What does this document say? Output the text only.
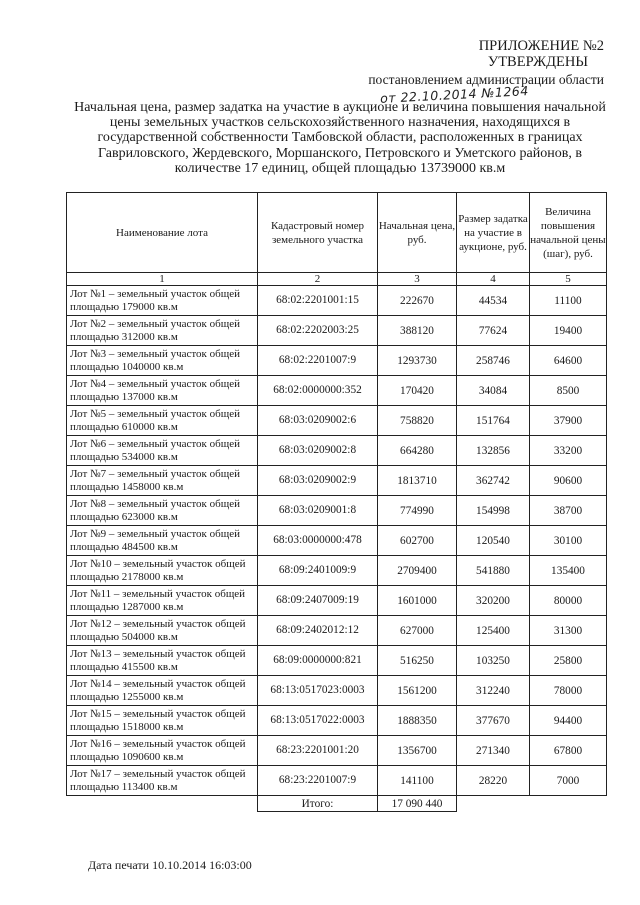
ПРИЛОЖЕНИЕ №2
УТВЕРЖДЕНЫ
постановлением администрации области
от 22.10.2014 №1264
Начальная цена, размер задатка на участие в аукционе и величина повышения начальной цены земельных участков сельскохозяйственного назначения, находящихся в государственной собственности Тамбовской области, расположенных в границах Гавриловского, Жердевского, Моршанского, Петровского и Уметского районов, в количестве 17 единиц, общей площадью 13739000 кв.м
Наименование лота	Кадастровый номер земельного участка	Начальная цена, руб.	Размер задатка на участие в аукционе, руб.	Величина повышения начальной цены (шаг), руб.
1	2	3	4	5
Лот №1 – земельный участок общей площадью 179000 кв.м	68:02:2201001:15	222670	44534	11100
Лот №2 – земельный участок общей площадью 312000 кв.м	68:02:2202003:25	388120	77624	19400
Лот №3 – земельный участок общей площадью 1040000 кв.м	68:02:2201007:9	1293730	258746	64600
Лот №4 – земельный участок общей площадью 137000 кв.м	68:02:0000000:352	170420	34084	8500
Лот №5 – земельный участок общей площадью 610000 кв.м	68:03:0209002:6	758820	151764	37900
Лот №6 – земельный участок общей площадью 534000 кв.м	68:03:0209002:8	664280	132856	33200
Лот №7 – земельный участок общей площадью 1458000 кв.м	68:03:0209002:9	1813710	362742	90600
Лот №8 – земельный участок общей площадью 623000 кв.м	68:03:0209001:8	774990	154998	38700
Лот №9 – земельный участок общей площадью 484500 кв.м	68:03:0000000:478	602700	120540	30100
Лот №10 – земельный участок общей площадью 2178000 кв.м	68:09:2401009:9	2709400	541880	135400
Лот №11 – земельный участок общей площадью 1287000 кв.м	68:09:2407009:19	1601000	320200	80000
Лот №12 – земельный участок общей площадью 504000 кв.м	68:09:2402012:12	627000	125400	31300
Лот №13 – земельный участок общей площадью 415500 кв.м	68:09:0000000:821	516250	103250	25800
Лот №14 – земельный участок общей площадью 1255000 кв.м	68:13:0517023:0003	1561200	312240	78000
Лот №15 – земельный участок общей площадью 1518000 кв.м	68:13:0517022:0003	1888350	377670	94400
Лот №16 – земельный участок общей площадью 1090600 кв.м	68:23:2201001:20	1356700	271340	67800
Лот №17 – земельный участок общей площадью 113400 кв.м	68:23:2201007:9	141100	28220	7000
	Итого:	17 090 440		
Дата печати 10.10.2014 16:03:00
